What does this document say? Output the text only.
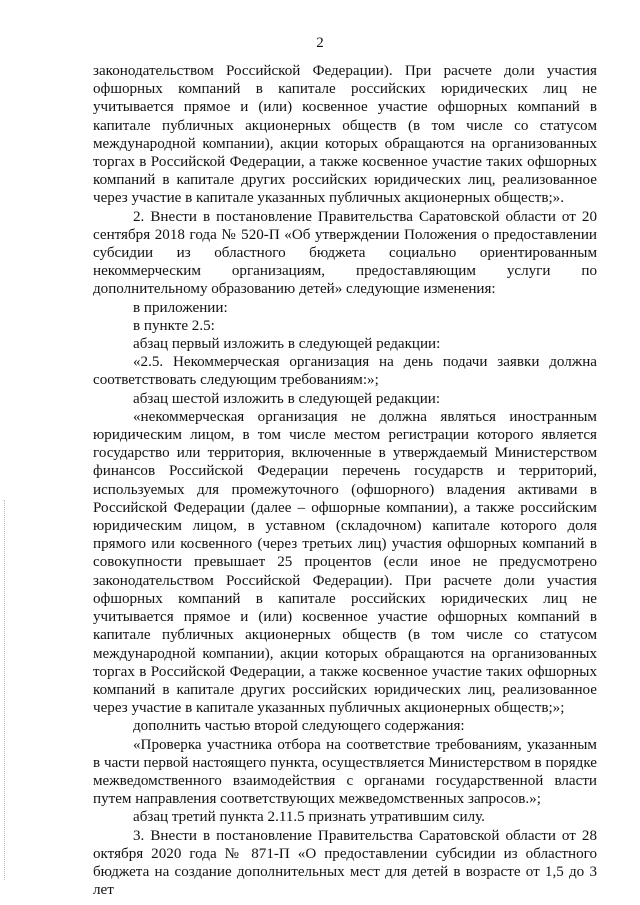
2

законодательством Российской Федерации). При расчете доли участия офшорных компаний в капитале российских юридических лиц не учитывается прямое и (или) косвенное участие офшорных компаний в капитале публичных акционерных обществ (в том числе со статусом международной компании), акции которых обращаются на организованных торгах в Российской Федерации, а также косвенное участие таких офшорных компаний в капитале других российских юридических лиц, реализованное через участие в капитале указанных публичных акционерных обществ;».

2. Внести в постановление Правительства Саратовской области от 20 сентября 2018 года № 520-П «Об утверждении Положения о предоставлении субсидии из областного бюджета социально ориентированным некоммерческим организациям, предоставляющим услуги по дополнительному образованию детей» следующие изменения:

в приложении:

в пункте 2.5:

абзац первый изложить в следующей редакции:

«2.5. Некоммерческая организация на день подачи заявки должна соответствовать следующим требованиям:»;

абзац шестой изложить в следующей редакции:

«некоммерческая организация не должна являться иностранным юридическим лицом, в том числе местом регистрации которого является государство или территория, включенные в утверждаемый Министерством финансов Российской Федерации перечень государств и территорий, используемых для промежуточного (офшорного) владения активами в Российской Федерации (далее – офшорные компании), а также российским юридическим лицом, в уставном (складочном) капитале которого доля прямого или косвенного (через третьих лиц) участия офшорных компаний в совокупности превышает 25 процентов (если иное не предусмотрено законодательством Российской Федерации). При расчете доли участия офшорных компаний в капитале российских юридических лиц не учитывается прямое и (или) косвенное участие офшорных компаний в капитале публичных акционерных обществ (в том числе со статусом международной компании), акции которых обращаются на организованных торгах в Российской Федерации, а также косвенное участие таких офшорных компаний в капитале других российских юридических лиц, реализованное через участие в капитале указанных публичных акционерных обществ;»;

дополнить частью второй следующего содержания:

«Проверка участника отбора на соответствие требованиям, указанным в части первой настоящего пункта, осуществляется Министерством в порядке межведомственного взаимодействия с органами государственной власти путем направления соответствующих межведомственных запросов.»;

абзац третий пункта 2.11.5 признать утратившим силу.

3. Внести в постановление Правительства Саратовской области от 28 октября 2020 года № 871-П «О предоставлении субсидии из областного бюджета на создание дополнительных мест для детей в возрасте от 1,5 до 3 лет
